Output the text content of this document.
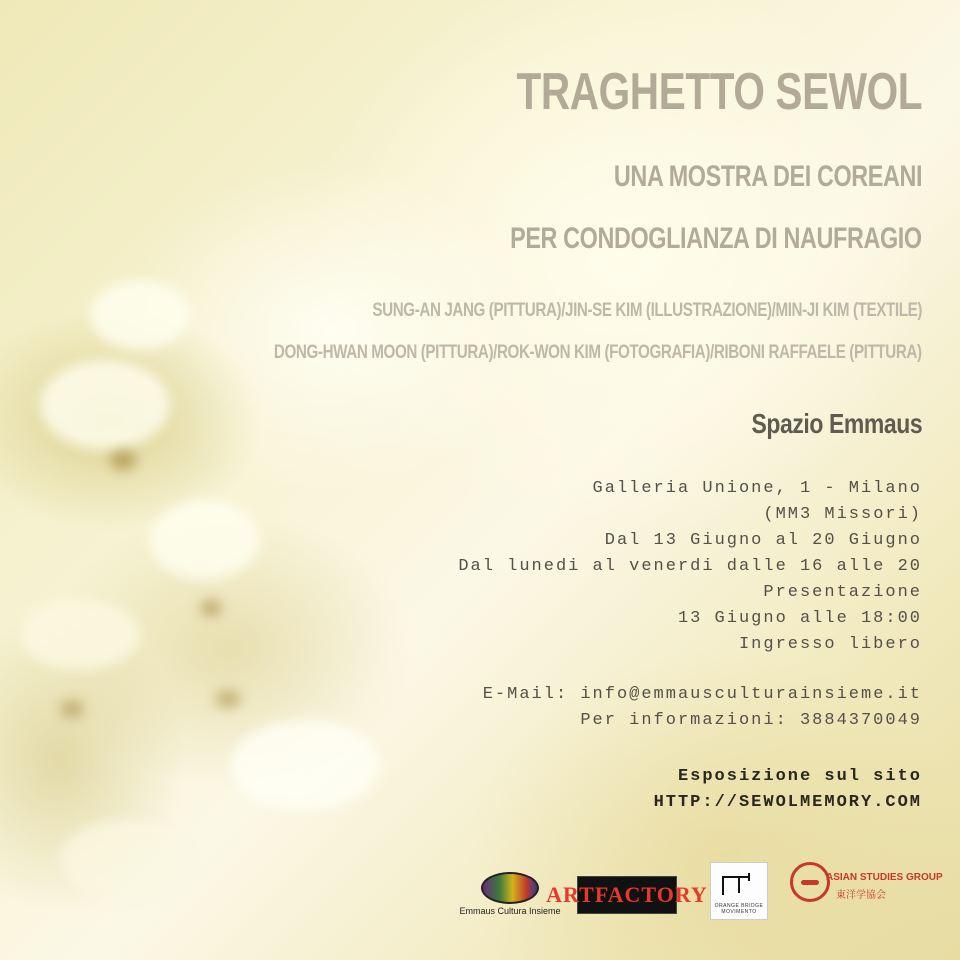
TRAGHETTO SEWOL
UNA MOSTRA DEI COREANI
PER CONDOGLIANZA DI NAUFRAGIO
SUNG-AN JANG (PITTURA)/JIN-SE KIM (ILLUSTRAZIONE)/MIN-JI KIM (TEXTILE)
DONG-HWAN MOON (PITTURA)/ROK-WON KIM (FOTOGRAFIA)/RIBONI RAFFAELE (PITTURA)
Spazio Emmaus
Galleria Unione, 1 - Milano
(MM3 Missori)
Dal 13 Giugno al 20 Giugno
Dal lunedi al venerdi dalle 16 alle 20
Presentazione
13 Giugno alle 18:00
Ingresso libero
E-Mail: info@emmausculturainsieme.it
Per informazioni: 3884370049
Esposizione sul sito
HTTP://SEWOLMEMORY.COM
Emmaus Cultura Insieme
ARTFACTORY	ORANGE BRIDGE MOVIMENTO
ASIAN STUDIES GROUP
東洋学協会
